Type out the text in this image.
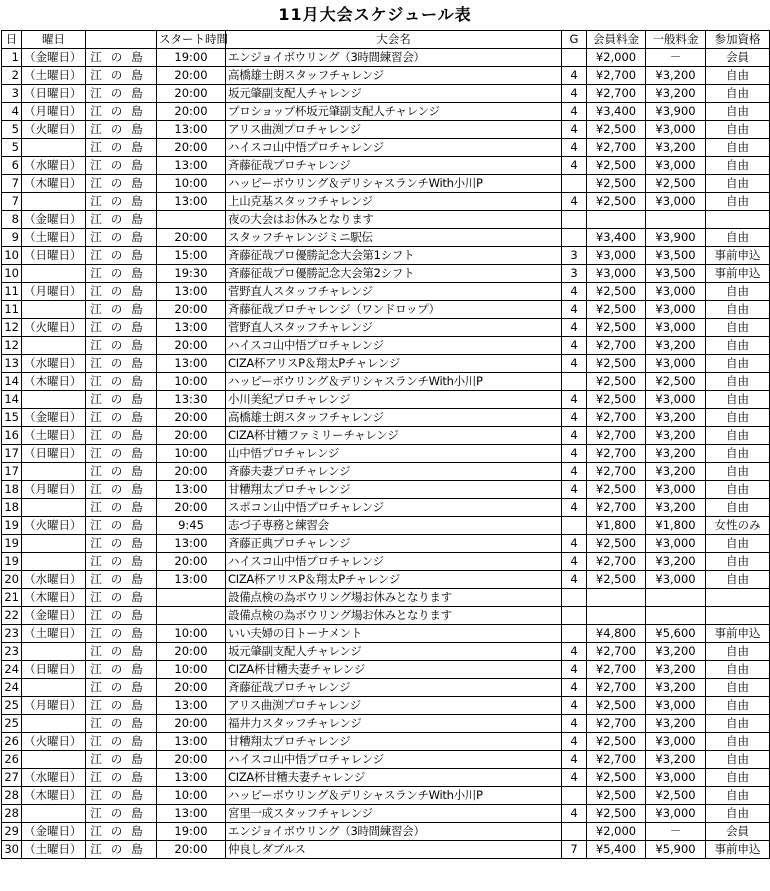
11月大会スケジュール表
日	曜日		スタート時間	大会名	G	会員料金	一般料金	参加資格
1	（金曜日）	江の島	19:00	エンジョイボウリング（3時間練習会）		¥2,000	－	会員
2	（土曜日）	江の島	20:00	高橋雄士朗スタッフチャレンジ	4	¥2,700	¥3,200	自由
3	（日曜日）	江の島	20:00	坂元肇副支配人チャレンジ	4	¥2,700	¥3,200	自由
4	（月曜日）	江の島	20:00	プロショップ杯坂元肇副支配人チャレンジ	4	¥3,400	¥3,900	自由
5	（火曜日）	江の島	13:00	アリス曲渕プロチャレンジ	4	¥2,500	¥3,000	自由
5		江の島	20:00	ハイスコ山中悟プロチャレンジ	4	¥2,700	¥3,200	自由
6	（水曜日）	江の島	13:00	斉藤征哉プロチャレンジ	4	¥2,500	¥3,000	自由
7	（木曜日）	江の島	10:00	ハッピーボウリング＆デリシャスランチWith小川P		¥2,500	¥2,500	自由
7		江の島	13:00	上山克基スタッフチャレンジ	4	¥2,500	¥3,000	自由
8	（金曜日）	江の島		夜の大会はお休みとなります				
9	（土曜日）	江の島	20:00	スタッフチャレンジミニ駅伝		¥3,400	¥3,900	自由
10	（日曜日）	江の島	15:00	斉藤征哉プロ優勝記念大会第1シフト	3	¥3,000	¥3,500	事前申込
10		江の島	19:30	斉藤征哉プロ優勝記念大会第2シフト	3	¥3,000	¥3,500	事前申込
11	（月曜日）	江の島	13:00	菅野直人スタッフチャレンジ	4	¥2,500	¥3,000	自由
11		江の島	20:00	斉藤征哉プロチャレンジ（ワンドロップ）	4	¥2,500	¥3,000	自由
12	（火曜日）	江の島	13:00	菅野直人スタッフチャレンジ	4	¥2,500	¥3,000	自由
12		江の島	20:00	ハイスコ山中悟プロチャレンジ	4	¥2,700	¥3,200	自由
13	（水曜日）	江の島	13:00	CIZA杯アリスP＆翔太Pチャレンジ	4	¥2,500	¥3,000	自由
14	（木曜日）	江の島	10:00	ハッピーボウリング＆デリシャスランチWith小川P		¥2,500	¥2,500	自由
14		江の島	13:30	小川美紀プロチャレンジ	4	¥2,500	¥3,000	自由
15	（金曜日）	江の島	20:00	高橋雄士朗スタッフチャレンジ	4	¥2,700	¥3,200	自由
16	（土曜日）	江の島	20:00	CIZA杯甘糟ファミリーチャレンジ	4	¥2,700	¥3,200	自由
17	（日曜日）	江の島	10:00	山中悟プロチャレンジ	4	¥2,700	¥3,200	自由
17		江の島	20:00	斉藤夫妻プロチャレンジ	4	¥2,700	¥3,200	自由
18	（月曜日）	江の島	13:00	甘糟翔太プロチャレンジ	4	¥2,500	¥3,000	自由
18		江の島	20:00	スポコン山中悟プロチャレンジ	4	¥2,700	¥3,200	自由
19	（火曜日）	江の島	9:45	志づ子専務と練習会		¥1,800	¥1,800	女性のみ
19		江の島	13:00	斉藤正典プロチャレンジ	4	¥2,500	¥3,000	自由
19		江の島	20:00	ハイスコ山中悟プロチャレンジ	4	¥2,700	¥3,200	自由
20	（水曜日）	江の島	13:00	CIZA杯アリスP＆翔太Pチャレンジ	4	¥2,500	¥3,000	自由
21	（木曜日）	江の島		設備点検の為ボウリング場お休みとなります				
22	（金曜日）	江の島		設備点検の為ボウリング場お休みとなります				
23	（土曜日）	江の島	10:00	いい夫婦の日トーナメント		¥4,800	¥5,600	事前申込
23		江の島	20:00	坂元肇副支配人チャレンジ	4	¥2,700	¥3,200	自由
24	（日曜日）	江の島	10:00	CIZA杯甘糟夫妻チャレンジ	4	¥2,700	¥3,200	自由
24		江の島	20:00	斉藤征哉プロチャレンジ	4	¥2,700	¥3,200	自由
25	（月曜日）	江の島	13:00	アリス曲渕プロチャレンジ	4	¥2,500	¥3,000	自由
25		江の島	20:00	福井力スタッフチャレンジ	4	¥2,700	¥3,200	自由
26	（火曜日）	江の島	13:00	甘糟翔太プロチャレンジ	4	¥2,500	¥3,000	自由
26		江の島	20:00	ハイスコ山中悟プロチャレンジ	4	¥2,700	¥3,200	自由
27	（水曜日）	江の島	13:00	CIZA杯甘糟夫妻チャレンジ	4	¥2,500	¥3,000	自由
28	（木曜日）	江の島	10:00	ハッピーボウリング＆デリシャスランチWith小川P		¥2,500	¥2,500	自由
28		江の島	13:00	宮里一成スタッフチャレンジ	4	¥2,500	¥3,000	自由
29	（金曜日）	江の島	19:00	エンジョイボウリング（3時間練習会）		¥2,000	－	会員
30	（土曜日）	江の島	20:00	仲良しダブルス	7	¥5,400	¥5,900	事前申込
